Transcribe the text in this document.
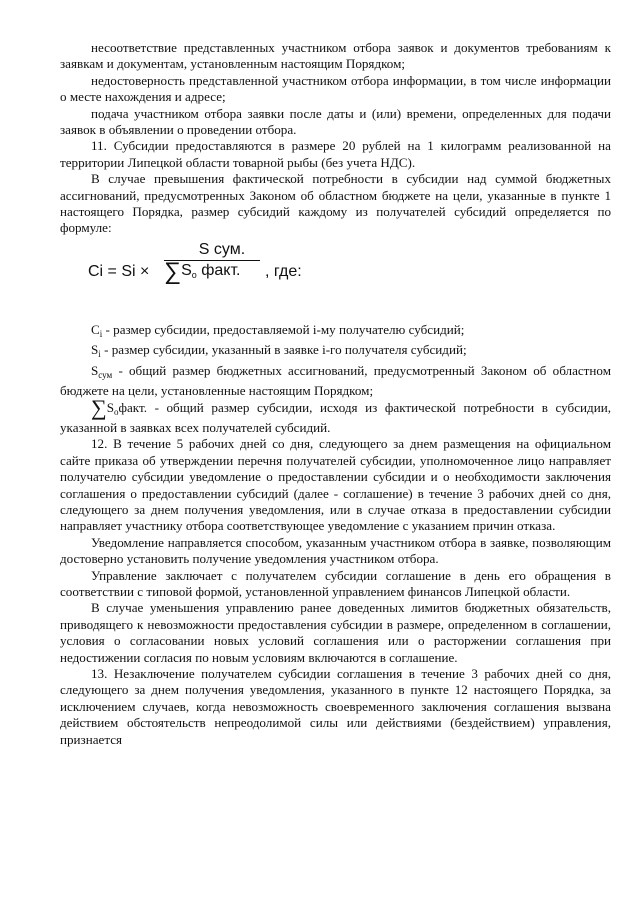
несоответствие представленных участником отбора заявок и документов требованиям к заявкам и документам, установленным настоящим Порядком;

недостоверность представленной участником отбора информации, в том числе информации о месте нахождения и адресе;

подача участником отбора заявки после даты и (или) времени, определенных для подачи заявок в объявлении о проведении отбора.

11. Субсидии предоставляются в размере 20 рублей на 1 килограмм реализованной на территории Липецкой области товарной рыбы (без учета НДС).

В случае превышения фактической потребности в субсидии над суммой бюджетных ассигнований, предусмотренных Законом об областном бюджете на цели, указанные в пункте 1 настоящего Порядка, размер субсидий каждому из получателей субсидий определяется по формуле:

Ci = Si ×
S сум.
$\sum S_о$ факт.	, где:

$C_i$ - размер субсидии, предоставляемой i-му получателю субсидий;

$S_i$ - размер субсидии, указанный в заявке i-го получателя субсидий;

$S_{сум}$ - общий размер бюджетных ассигнований, предусмотренный Законом об областном бюджете на цели, установленные настоящим Порядком;

$\sum S_офакт$. - общий размер субсидии, исходя из фактической потребности в субсидии, указанной в заявках всех получателей субсидий.

12. В течение 5 рабочих дней со дня, следующего за днем размещения на официальном сайте приказа об утверждении перечня получателей субсидии, уполномоченное лицо направляет получателю субсидии уведомление о предоставлении субсидии и о необходимости заключения соглашения о предоставлении субсидий (далее - соглашение) в течение 3 рабочих дней со дня, следующего за днем получения уведомления, или в случае отказа в предоставлении субсидии направляет участнику отбора соответствующее уведомление с указанием причин отказа.

Уведомление направляется способом, указанным участником отбора в заявке, позволяющим достоверно установить получение уведомления участником отбора.

Управление заключает с получателем субсидии соглашение в день его обращения в соответствии с типовой формой, установленной управлением финансов Липецкой области.

В случае уменьшения управлению ранее доведенных лимитов бюджетных обязательств, приводящего к невозможности предоставления субсидии в размере, определенном в соглашении, условия о согласовании новых условий соглашения или о расторжении соглашения при недостижении согласия по новым условиям включаются в соглашение.

13. Незаключение получателем субсидии соглашения в течение 3 рабочих дней со дня, следующего за днем получения уведомления, указанного в пункте 12 настоящего Порядка, за исключением случаев, когда невозможность своевременного заключения соглашения вызвана действием обстоятельств непреодолимой силы или действиями (бездействием) управления, признается
